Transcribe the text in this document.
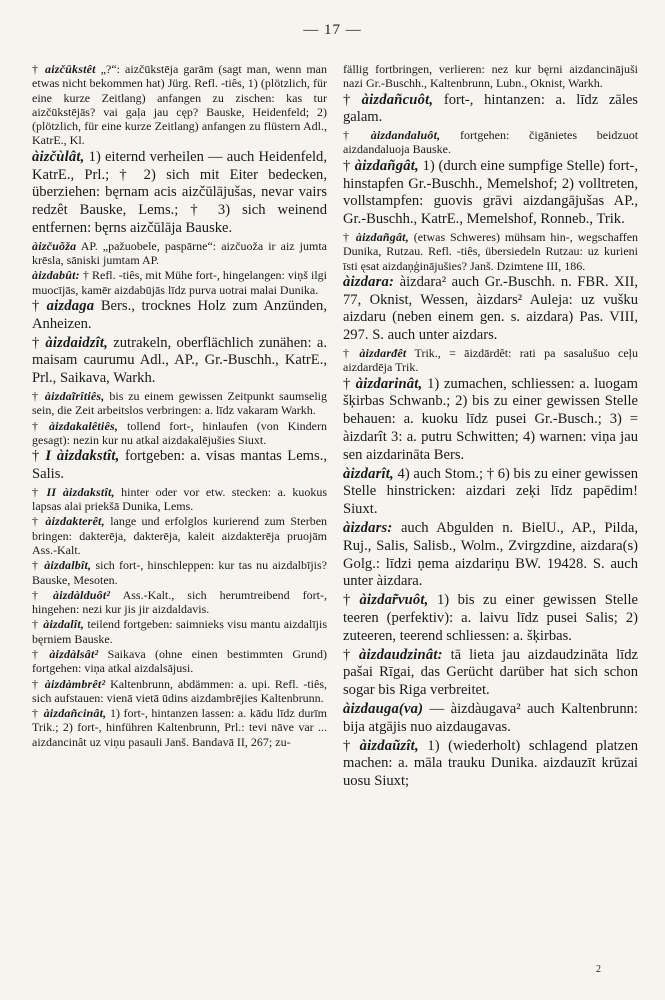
— 17 —

† aizčūkstêt „?“: aizčūkstēja garām (sagt man, wenn man etwas nicht bekommen hat) Jürg. Refl. -tiês, 1) (plötzlich, für eine kurze Zeitlang) anfangen zu zischen: kas tur aizčūkstējās? vai gaļa jau cęp? Bauske, Heidenfeld; 2) (plötzlich, für eine kurze Zeitlang) anfangen zu flüstern Adl., KatrE., Kl.

àizčùlât, 1) eiternd verheilen — auch Heidenfeld, KatrE., Prl.; † 2) sich mit Eiter bedecken, überziehen: bęrnam acis aizčūlājušas, nevar vairs redzêt Bauske, Lems.; † 3) sich weinend entfernen: bęrns aizčūlāja Bauske.

àizčuõža AP. „pažuobele, paspārne“: aizčuoža ir aiz jumta krēsla, sāniski jumtam AP.

àizdabût: † Refl. -tiês, mit Mühe fort-, hingelangen: viņš ilgi muocījās, kamēr aizdabūjās līdz purva uotrai malai Dunika.

† aizdaga Bers., trocknes Holz zum Anzünden, Anheizen.

† àizdaidzît, zutrakeln, oberflächlich zunähen: a. maisam caurumu Adl., AP., Gr.-Buschh., KatrE., Prl., Saikava, Warkh.

† àizdaĩrîtiês, bis zu einem gewissen Zeitpunkt saumselig sein, die Zeit arbeitslos verbringen: a. līdz vakaram Warkh.

† àizdakalêtiês, tollend fort-, hinlaufen (von Kindern gesagt): nezin kur nu atkal aizdakalējušies Siuxt.

† I àizdakstît, fortgeben: a. visas mantas Lems., Salis.

† II àizdakstît, hinter oder vor etw. stecken: a. kuokus lapsas alai priekšā Dunika, Lems.

† àizdakterêt, lange und erfolglos kurierend zum Sterben bringen: dakterēja, dakterēja, kaleit aizdakterēja pruojām Ass.-Kalt.

† àizdalbît, sich fort-, hinschleppen: kur tas nu aizdalbījis? Bauske, Mesoten.

† àizdàlduôt² Ass.-Kalt., sich herumtreibend fort-, hingehen: nezi kur jis jir aizdaldavis.

† àizdalît, teilend fortgeben: saimnieks visu mantu aizdalījis bęrniem Bauske.

† àizdàlsât² Saikava (ohne einen bestimmten Grund) fortgehen: viņa atkal aizdalsājusi.

† àizdàmbrêt² Kaltenbrunn, abdämmen: a. upi. Refl. -tiês, sich aufstauen: vienā vietā ūdins aizdambrējies Kaltenbrunn.

† àizdañcinât, 1) fort-, hintanzen lassen: a. kādu līdz durīm Trik.; 2) fort-, hinführen Kaltenbrunn, Prl.: tevi nāve var ... aizdancinât uz viņu pasauli Janš. Bandavā II, 267; zu-

fällig fortbringen, verlieren: nez kur bęrni aizdancinājuši nazi Gr.-Buschh., Kaltenbrunn, Lubn., Oknist, Warkh.

† àizdañcuôt, fort-, hintanzen: a. līdz zāles galam.

† àizdandaluôt, fortgehen: čigānietes beidzuot aizdandaluoja Bauske.

† àizdañgât, 1) (durch eine sumpfige Stelle) fort-, hinstapfen Gr.-Buschh., Memelshof; 2) volltreten, vollstampfen: guovis grāvi aizdangājušas AP., Gr.-Buschh., KatrE., Memelshof, Ronneb., Trik.

† àizdañgât, (etwas Schweres) mühsam hin-, wegschaffen Dunika, Rutzau. Refl. -tiês, übersiedeln Rutzau: uz kurieni īsti ęsat aizdaņģinājušies? Janš. Dzimtene III, 186.

àizdara: àizdara² auch Gr.-Buschh. n. FBR. XII, 77, Oknist, Wessen, àizdars² Auleja: uz vušku aizdaru (neben einem gen. s. aizdara) Pas. VIII, 297. S. auch unter aizdars.

† àizdarđêt Trik., = āizdārdêt: rati pa sasalušuo ceļu aizdardēja Trik.

† àizdarinât, 1) zumachen, schliessen: a. luogam šķirbas Schwanb.; 2) bis zu einer gewissen Stelle behauen: a. kuoku līdz pusei Gr.-Busch.; 3) = àizdarît 3: a. putru Schwitten; 4) warnen: viņa jau sen aizdarināta Bers.

àizdarît, 4) auch Stom.; † 6) bis zu einer gewissen Stelle hinstricken: aizdari zeķi līdz papēdim! Siuxt.

àizdars: auch Abgulden n. BielU., AP., Pilda, Ruj., Salis, Salisb., Wolm., Zvirgzdine, aizdara(s) Golg.: līdzi ņema aizdariņu BW. 19428. S. auch unter àizdara.

† àizdar̃vuôt, 1) bis zu einer gewissen Stelle teeren (perfektiv): a. laivu līdz pusei Salis; 2) zuteeren, teerend schliessen: a. šķirbas.

† àizdaudzinât: tā lieta jau aizdaudzināta līdz pašai Rīgai, das Gerücht darüber hat sich schon sogar bis Riga verbreitet.

àizdauga(va) — àizdàugava² auch Kaltenbrunn: bija atgājis nuo aizdaugavas.

† àizdaũzît, 1) (wiederholt) schlagend platzen machen: a. māla trauku Dunika. aizdauzīt krūzai uosu Siuxt;

2
